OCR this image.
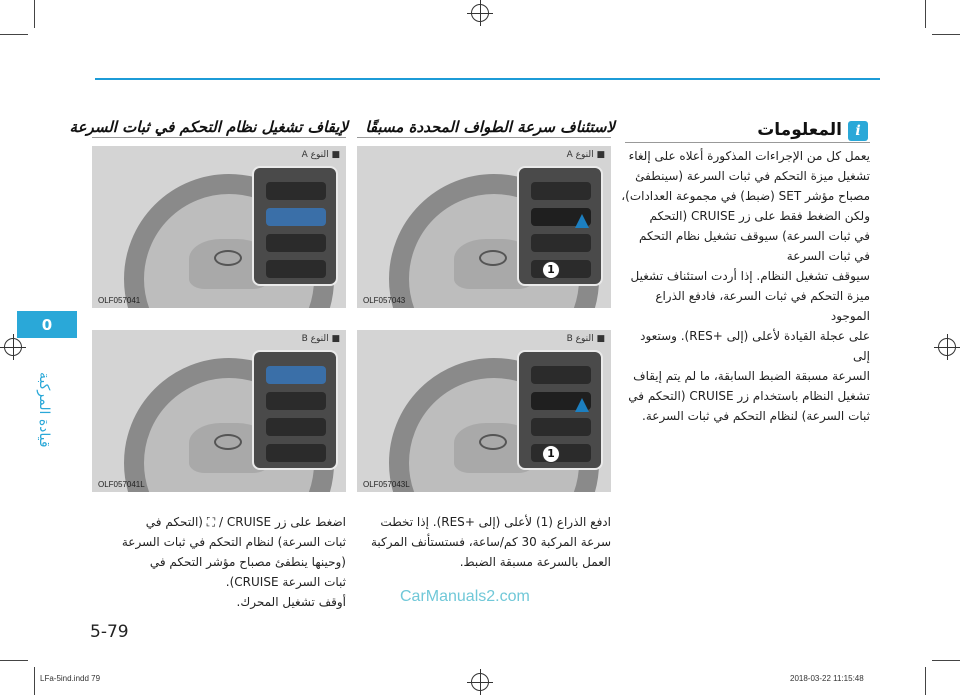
0
قيادة المركبة
i
المعلومات
يعمل كل من الإجراءات المذكورة أعلاه على إلغاء
تشغيل ميزة التحكم في ثبات السرعة (سينطفئ
مصباح مؤشر SET (ضبط) في مجموعة العدادات)،
ولكن الضغط فقط على زر CRUISE (التحكم
في ثبات السرعة) سيوقف تشغيل نظام التحكم في ثبات السرعة
سيوقف تشغيل النظام. إذا أردت استئناف تشغيل
ميزة التحكم في ثبات السرعة، فادفع الذراع الموجود
على عجلة القيادة لأعلى (إلى +RES). وستعود إلى
السرعة مسبقة الضبط السابقة، ما لم يتم إيقاف
تشغيل النظام باستخدام زر CRUISE (التحكم في
ثبات السرعة) لنظام التحكم في ثبات السرعة.
لاستئناف سرعة الطواف المحددة مسبقًا
■ النوع A
1
OLF057043
■ النوع B
1
OLF057043L
ادفع الذراع (1) لأعلى (إلى +RES). إذا تخطت
سرعة المركبة 30 كم/ساعة، فستستأنف المركبة
العمل بالسرعة مسبقة الضبط.
لإيقاف تشغيل نظام التحكم في ثبات السرعة
■ النوع A
OLF057041
■ النوع B
OLF057041L
اضغط على زر CRUISE / ⛶ (التحكم في
ثبات السرعة) لنظام التحكم في ثبات السرعة
(وحينها ينطفئ مصباح مؤشر التحكم في
ثبات السرعة CRUISE).
أوقف تشغيل المحرك.	CarManuals2.com
5-79
LFa-5ind.indd 79	2018-03-22 11:15:48
